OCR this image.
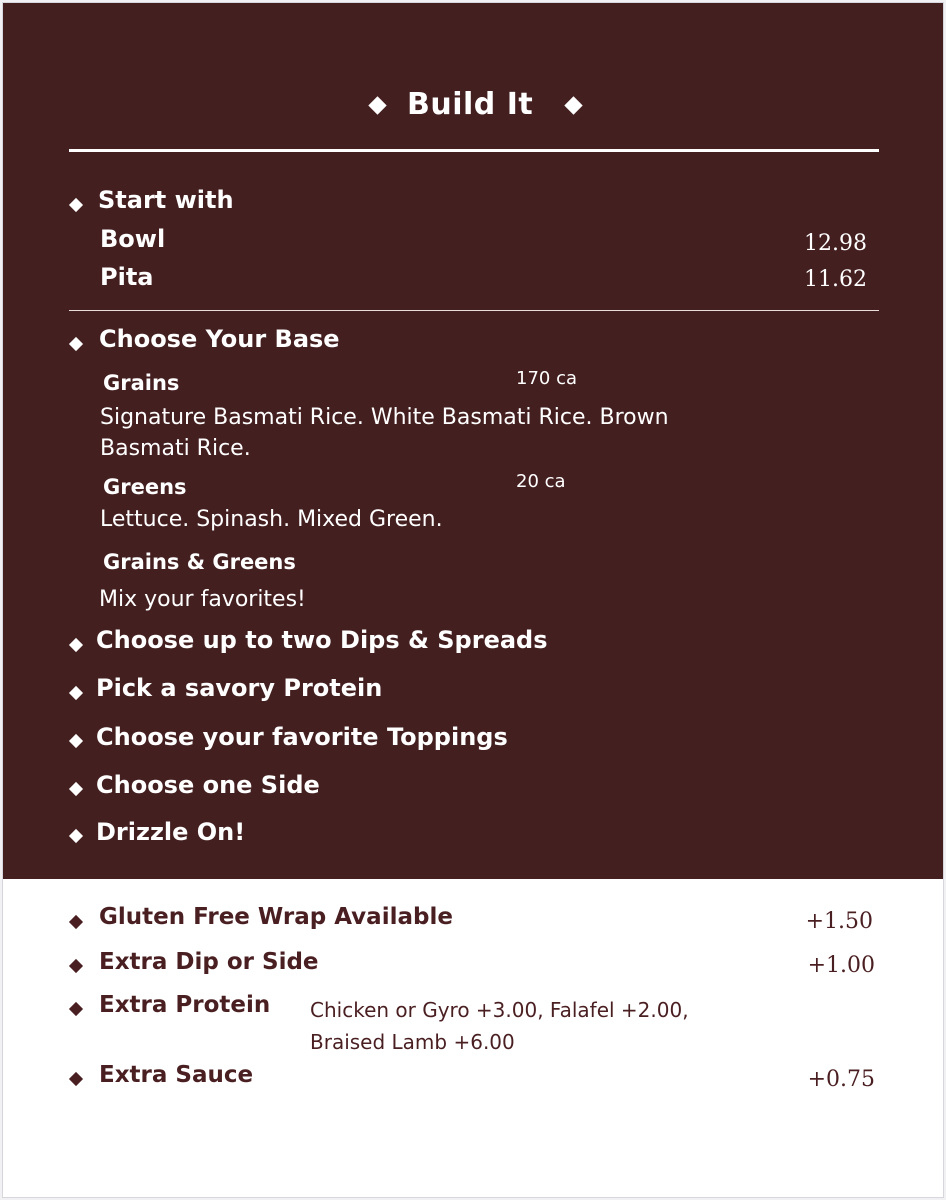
Build It
Start with
Bowl	12.98
Pita	11.62
Choose Your Base
Grains	170 ca
Signature Basmati Rice. White Basmati Rice. Brown Basmati Rice.
Greens	20 ca
Lettuce. Spinash. Mixed Green.
Grains & Greens
Mix your favorites!
Choose up to two Dips & Spreads
Pick a savory Protein
Choose your favorite Toppings
Choose one Side
Drizzle On!
Gluten Free Wrap Available	+1.50
Extra Dip or Side	+1.00
Extra Protein Chicken or Gyro +3.00, Falafel +2.00, Braised Lamb +6.00
Extra Sauce	+0.75
